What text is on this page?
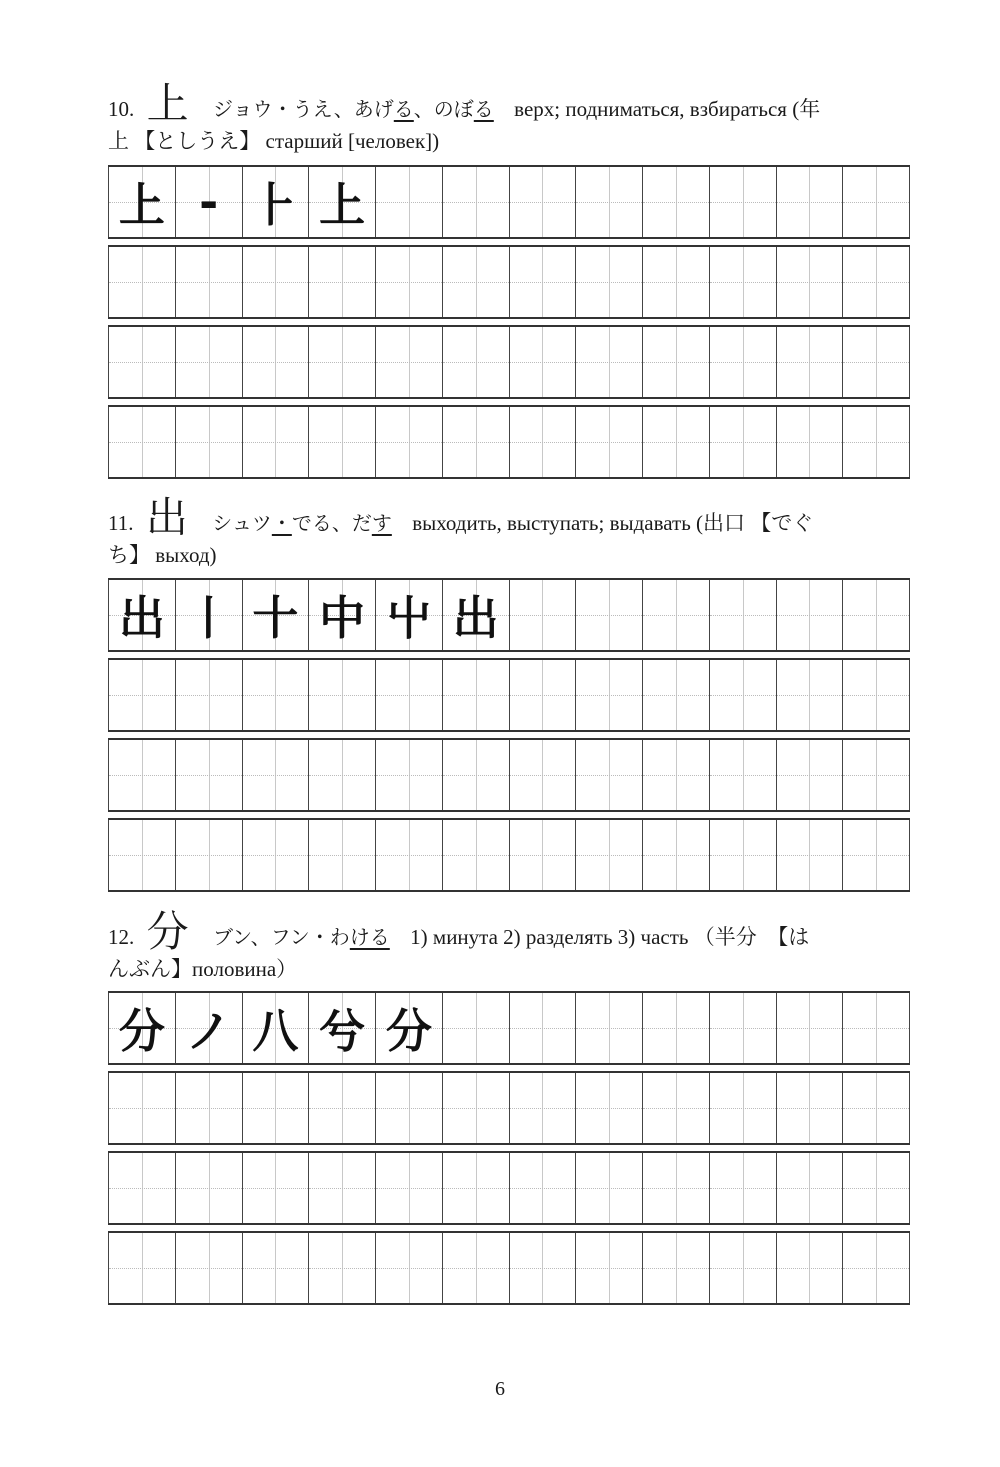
10. 上 ジョウ・うえ、あげる、のぼる верх; подниматься, взбираться (年
上 【としうえ】 старший [человек])
上 - ⺊ 上
11. 出 シュツ・でる、だす выходить, выступать; выдавать (出口 【でぐ
ち】 выход)
出 丨 十 中 屮 出
12. 分 ブン、フン・わける 1) минута 2) разделять 3) часть （半分　【は
んぶん】половина）
分 ノ 八 兮 分
6
